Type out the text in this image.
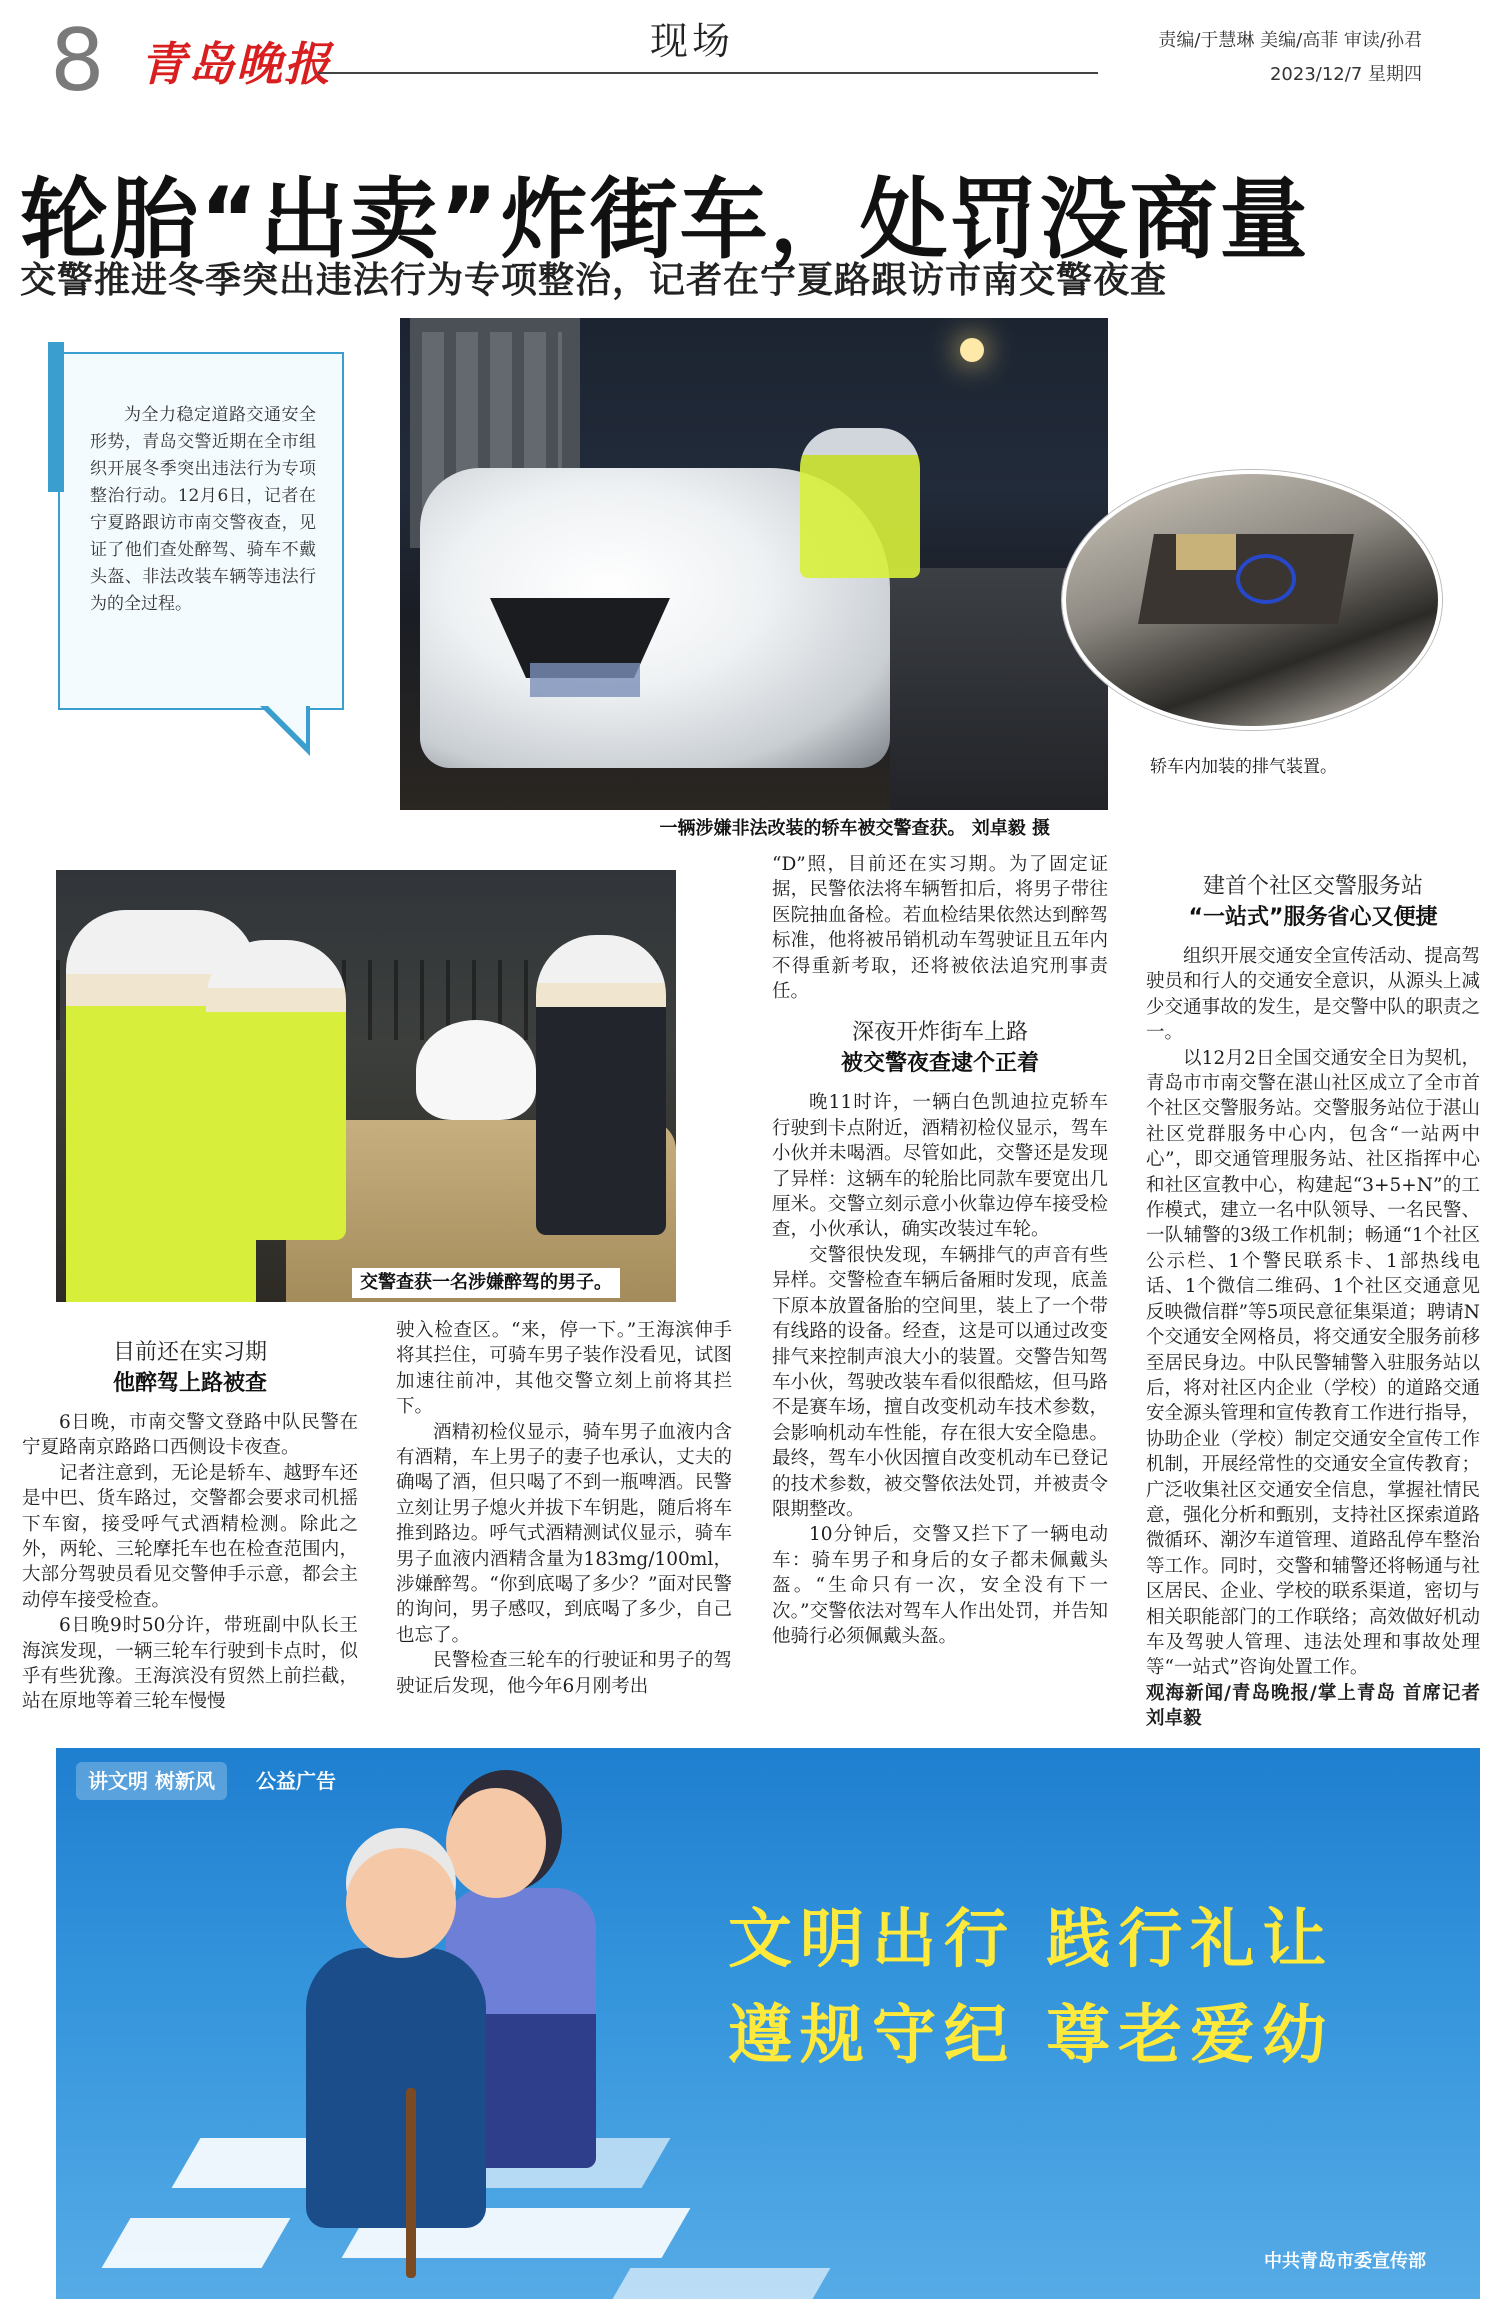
8 青岛晚报	现场	责编/于慧琳 美编/高菲 审读/孙君
2023/12/7 星期四
轮胎“出卖”炸街车，处罚没商量
交警推进冬季突出违法行为专项整治，记者在宁夏路跟访市南交警夜查
为全力稳定道路交通安全形势，青岛交警近期在全市组织开展冬季突出违法行为专项整治行动。12月6日，记者在宁夏路跟访市南交警夜查，见证了他们查处醉驾、骑车不戴头盔、非法改装车辆等违法行为的全过程。
一辆涉嫌非法改装的轿车被交警查获。 刘卓毅 摄
轿车内加装的排气装置。
交警查获一名涉嫌醉驾的男子。
目前还在实习期
他醉驾上路被查

6日晚，市南交警文登路中队民警在宁夏路南京路路口西侧设卡夜查。

记者注意到，无论是轿车、越野车还是中巴、货车路过，交警都会要求司机摇下车窗，接受呼气式酒精检测。除此之外，两轮、三轮摩托车也在检查范围内，大部分驾驶员看见交警伸手示意，都会主动停车接受检查。

6日晚9时50分许，带班副中队长王海滨发现，一辆三轮车行驶到卡点时，似乎有些犹豫。王海滨没有贸然上前拦截，站在原地等着三轮车慢慢

驶入检查区。“来，停一下。”王海滨伸手将其拦住，可骑车男子装作没看见，试图加速往前冲，其他交警立刻上前将其拦下。

酒精初检仪显示，骑车男子血液内含有酒精，车上男子的妻子也承认，丈夫的确喝了酒，但只喝了不到一瓶啤酒。民警立刻让男子熄火并拔下车钥匙，随后将车推到路边。呼气式酒精测试仪显示，骑车男子血液内酒精含量为183mg/100ml，涉嫌醉驾。“你到底喝了多少？”面对民警的询问，男子感叹，到底喝了多少，自己也忘了。

民警检查三轮车的行驶证和男子的驾驶证后发现，他今年6月刚考出

“D”照，目前还在实习期。为了固定证据，民警依法将车辆暂扣后，将男子带往医院抽血备检。若血检结果依然达到醉驾标准，他将被吊销机动车驾驶证且五年内不得重新考取，还将被依法追究刑事责任。

深夜开炸街车上路
被交警夜查逮个正着

晚11时许，一辆白色凯迪拉克轿车行驶到卡点附近，酒精初检仪显示，驾车小伙并未喝酒。尽管如此，交警还是发现了异样：这辆车的轮胎比同款车要宽出几厘米。交警立刻示意小伙靠边停车接受检查，小伙承认，确实改装过车轮。

交警很快发现，车辆排气的声音有些异样。交警检查车辆后备厢时发现，底盖下原本放置备胎的空间里，装上了一个带有线路的设备。经查，这是可以通过改变排气来控制声浪大小的装置。交警告知驾车小伙，驾驶改装车看似很酷炫，但马路不是赛车场，擅自改变机动车技术参数，会影响机动车性能，存在很大安全隐患。最终，驾车小伙因擅自改变机动车已登记的技术参数，被交警依法处罚，并被责令限期整改。

10分钟后，交警又拦下了一辆电动车：骑车男子和身后的女子都未佩戴头盔。“生命只有一次，安全没有下一次。”交警依法对驾车人作出处罚，并告知他骑行必须佩戴头盔。

建首个社区交警服务站
“一站式”服务省心又便捷

组织开展交通安全宣传活动、提高驾驶员和行人的交通安全意识，从源头上减少交通事故的发生，是交警中队的职责之一。

以12月2日全国交通安全日为契机，青岛市市南交警在湛山社区成立了全市首个社区交警服务站。交警服务站位于湛山社区党群服务中心内，包含“一站两中心”，即交通管理服务站、社区指挥中心和社区宣教中心，构建起“3+5+N”的工作模式，建立一名中队领导、一名民警、一队辅警的3级工作机制；畅通“1个社区公示栏、1个警民联系卡、1部热线电话、1个微信二维码、1个社区交通意见反映微信群”等5项民意征集渠道；聘请N个交通安全网格员，将交通安全服务前移至居民身边。中队民警辅警入驻服务站以后，将对社区内企业（学校）的道路交通安全源头管理和宣传教育工作进行指导，协助企业（学校）制定交通安全宣传工作机制，开展经常性的交通安全宣传教育；广泛收集社区交通安全信息，掌握社情民意，强化分析和甄别，支持社区探索道路微循环、潮汐车道管理、道路乱停车整治等工作。同时，交警和辅警还将畅通与社区居民、企业、学校的联系渠道，密切与相关职能部门的工作联络；高效做好机动车及驾驶人管理、违法处理和事故处理等“一站式”咨询处置工作。

观海新闻/青岛晚报/掌上青岛 首席记者 刘卓毅

讲文明 树新风	公益广告
文明出行 践行礼让
遵规守纪 尊老爱幼
中共青岛市委宣传部
